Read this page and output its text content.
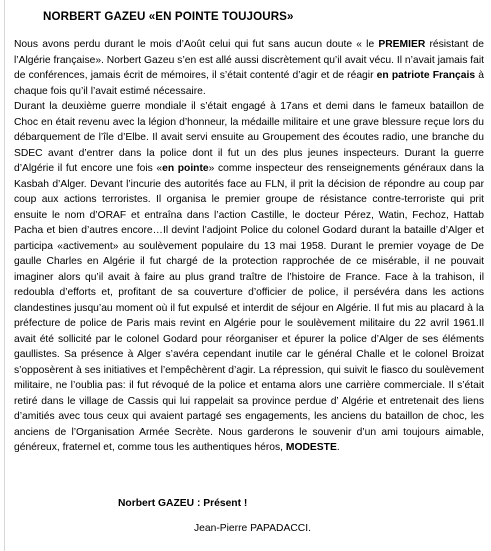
NORBERT GAZEU «EN POINTE TOUJOURS»
Nous avons perdu durant le mois d’Août celui qui fut sans aucun doute « le PREMIER résistant de l’Algérie française». Norbert Gazeu s’en est allé aussi discrètement qu’il avait vécu. Il n’avait jamais fait de conférences, jamais écrit de mémoires, il s’était contenté d’agir et de réagir en patriote Français à chaque fois qu’il l’avait estimé nécessaire.
Durant la deuxième guerre mondiale il s’était engagé à 17ans et demi dans le fameux bataillon de Choc en était revenu avec la légion d’honneur, la médaille militaire et une grave blessure reçue lors du débarquement de l’île d’Elbe. Il avait servi ensuite au Groupement des écoutes radio, une branche du SDEC avant d’entrer dans la police dont il fut un des plus jeunes inspecteurs. Durant la guerre d’Algérie il fut encore une fois «en pointe» comme inspecteur des renseignements généraux dans la Kasbah d’Alger. Devant l’incurie des autorités face au FLN, il prit la décision de répondre au coup par coup aux actions terroristes. Il organisa le premier groupe de résistance contre-terroriste qui prit ensuite le nom d’ORAF et entraîna dans l’action Castille, le docteur Pérez, Watin, Fechoz, Hattab Pacha et bien d’autres encore…Il devint l’adjoint Police du colonel Godard durant la bataille d’Alger et participa «activement» au soulèvement populaire du 13 mai 1958. Durant le premier voyage de De gaulle Charles en Algérie il fut chargé de la protection rapprochée de ce misérable, il ne pouvait imaginer alors qu’il avait à faire au plus grand traître de l’histoire de France. Face à la trahison, il redoubla d’efforts et, profitant de sa couverture d’officier de police, il persévéra dans les actions clandestines jusqu’au moment où il fut expulsé et interdit de séjour en Algérie. Il fut mis au placard à la préfecture de police de Paris mais revint en Algérie pour le soulèvement militaire du 22 avril 1961.Il avait été sollicité par le colonel Godard pour réorganiser et épurer la police d’Alger de ses éléments gaullistes. Sa présence à Alger s’avéra cependant inutile car le général Challe et le colonel Broizat s’opposèrent à ses initiatives et l’empêchèrent d’agir. La répression, qui suivit le fiasco du soulèvement militaire, ne l’oublia pas: il fut révoqué de la police et entama alors une carrière commerciale. Il s’était retiré dans le village de Cassis qui lui rappelait sa province perdue d’ Algérie et entretenait des liens d’amitiés avec tous ceux qui avaient partagé ses engagements, les anciens du bataillon de choc, les anciens de l’Organisation Armée Secrète. Nous garderons le souvenir d’un ami toujours aimable, généreux, fraternel et, comme tous les authentiques héros, MODESTE.
Norbert GAZEU : Présent !
Jean-Pierre PAPADACCI.
